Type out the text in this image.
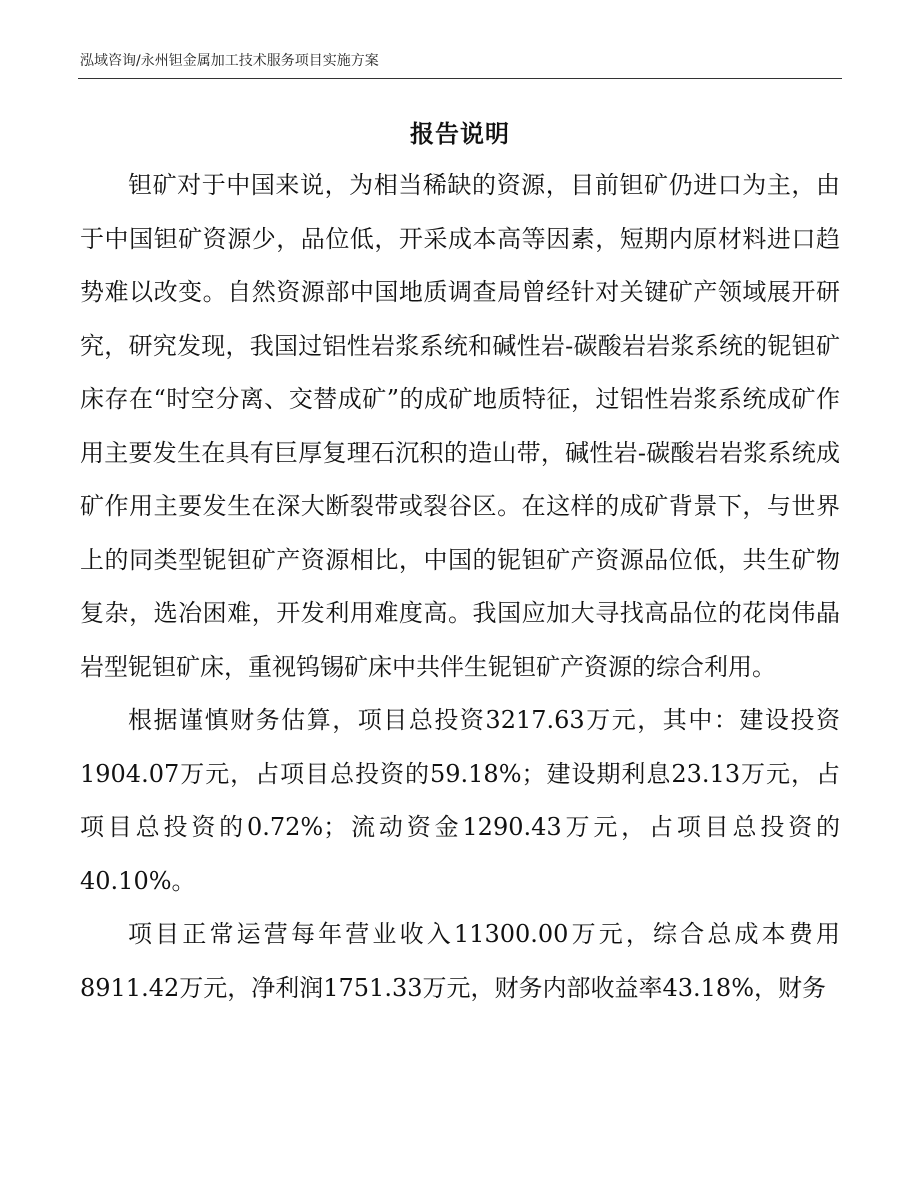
泓域咨询/永州钽金属加工技术服务项目实施方案
报告说明

钽矿对于中国来说，为相当稀缺的资源，目前钽矿仍进口为主，由于中国钽矿资源少，品位低，开采成本高等因素，短期内原材料进口趋势难以改变。自然资源部中国地质调查局曾经针对关键矿产领域展开研究，研究发现，我国过铝性岩浆系统和碱性岩-碳酸岩岩浆系统的铌钽矿床存在“时空分离、交替成矿”的成矿地质特征，过铝性岩浆系统成矿作用主要发生在具有巨厚复理石沉积的造山带，碱性岩-碳酸岩岩浆系统成矿作用主要发生在深大断裂带或裂谷区。在这样的成矿背景下，与世界上的同类型铌钽矿产资源相比，中国的铌钽矿产资源品位低，共生矿物复杂，选冶困难，开发利用难度高。我国应加大寻找高品位的花岗伟晶岩型铌钽矿床，重视钨锡矿床中共伴生铌钽矿产资源的综合利用。

根据谨慎财务估算，项目总投资3217.63万元，其中：建设投资1904.07万元，占项目总投资的59.18%；建设期利息23.13万元，占项目总投资的0.72%；流动资金1290.43万元，占项目总投资的40.10%。

项目正常运营每年营业收入11300.00万元，综合总成本费用8911.42万元，净利润1751.33万元，财务内部收益率43.18%，财务
